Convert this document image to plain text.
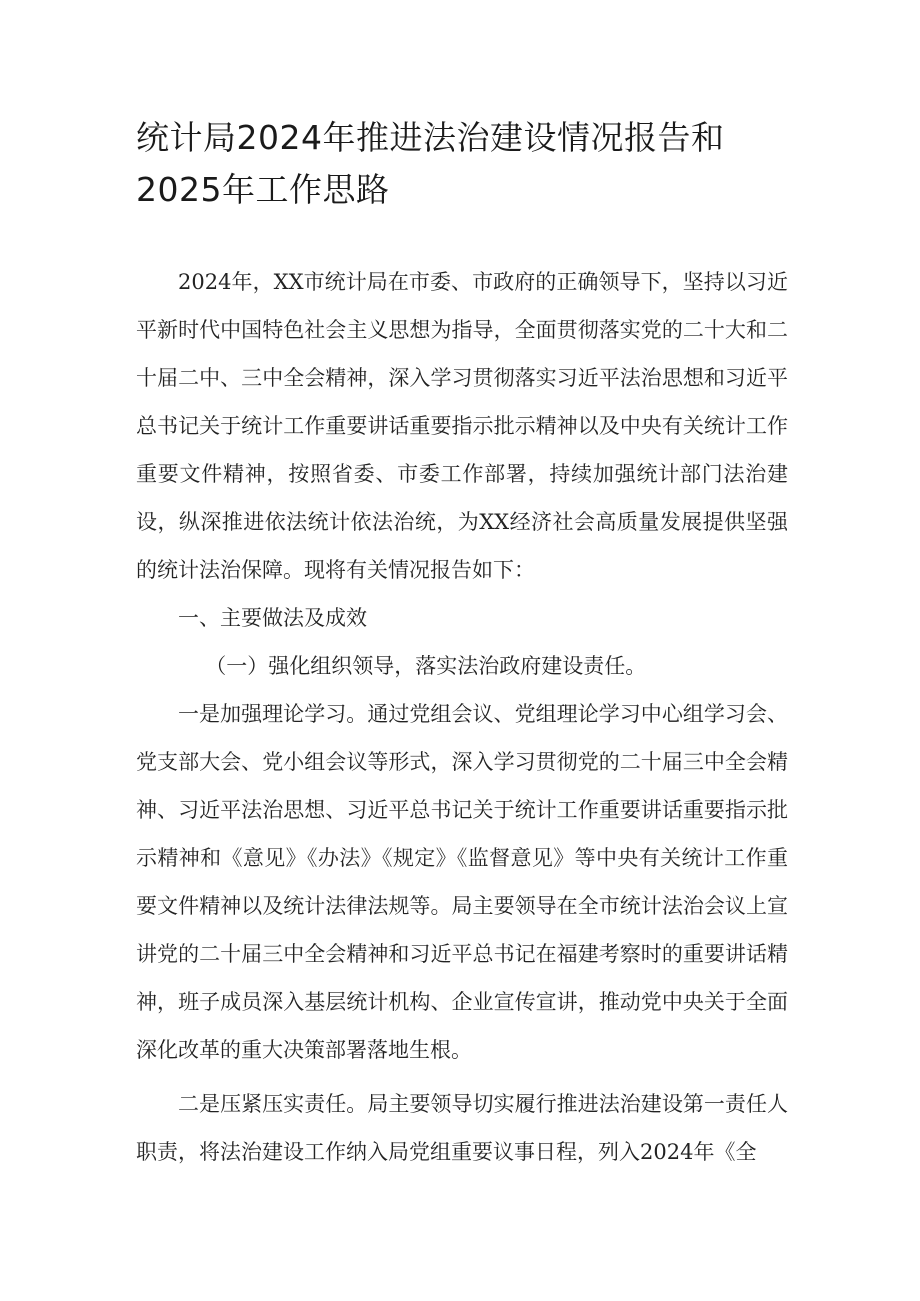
统计局2024年推进法治建设情况报告和
2025年工作思路

2024年，XX市统计局在市委、市政府的正确领导下，坚持以习近平新时代中国特色社会主义思想为指导，全面贯彻落实党的二十大和二十届二中、三中全会精神，深入学习贯彻落实习近平法治思想和习近平总书记关于统计工作重要讲话重要指示批示精神以及中央有关统计工作重要文件精神，按照省委、市委工作部署，持续加强统计部门法治建设，纵深推进依法统计依法治统，为XX经济社会高质量发展提供坚强的统计法治保障。现将有关情况报告如下：

一、主要做法及成效

（一）强化组织领导，落实法治政府建设责任。

一是加强理论学习。通过党组会议、党组理论学习中心组学习会、党支部大会、党小组会议等形式，深入学习贯彻党的二十届三中全会精神、习近平法治思想、习近平总书记关于统计工作重要讲话重要指示批示精神和《意见》《办法》《规定》《监督意见》等中央有关统计工作重要文件精神以及统计法律法规等。局主要领导在全市统计法治会议上宣讲党的二十届三中全会精神和习近平总书记在福建考察时的重要讲话精神，班子成员深入基层统计机构、企业宣传宣讲，推动党中央关于全面深化改革的重大决策部署落地生根。

二是压紧压实责任。局主要领导切实履行推进法治建设第一责任人职责，将法治建设工作纳入局党组重要议事日程，列入2024年《全
